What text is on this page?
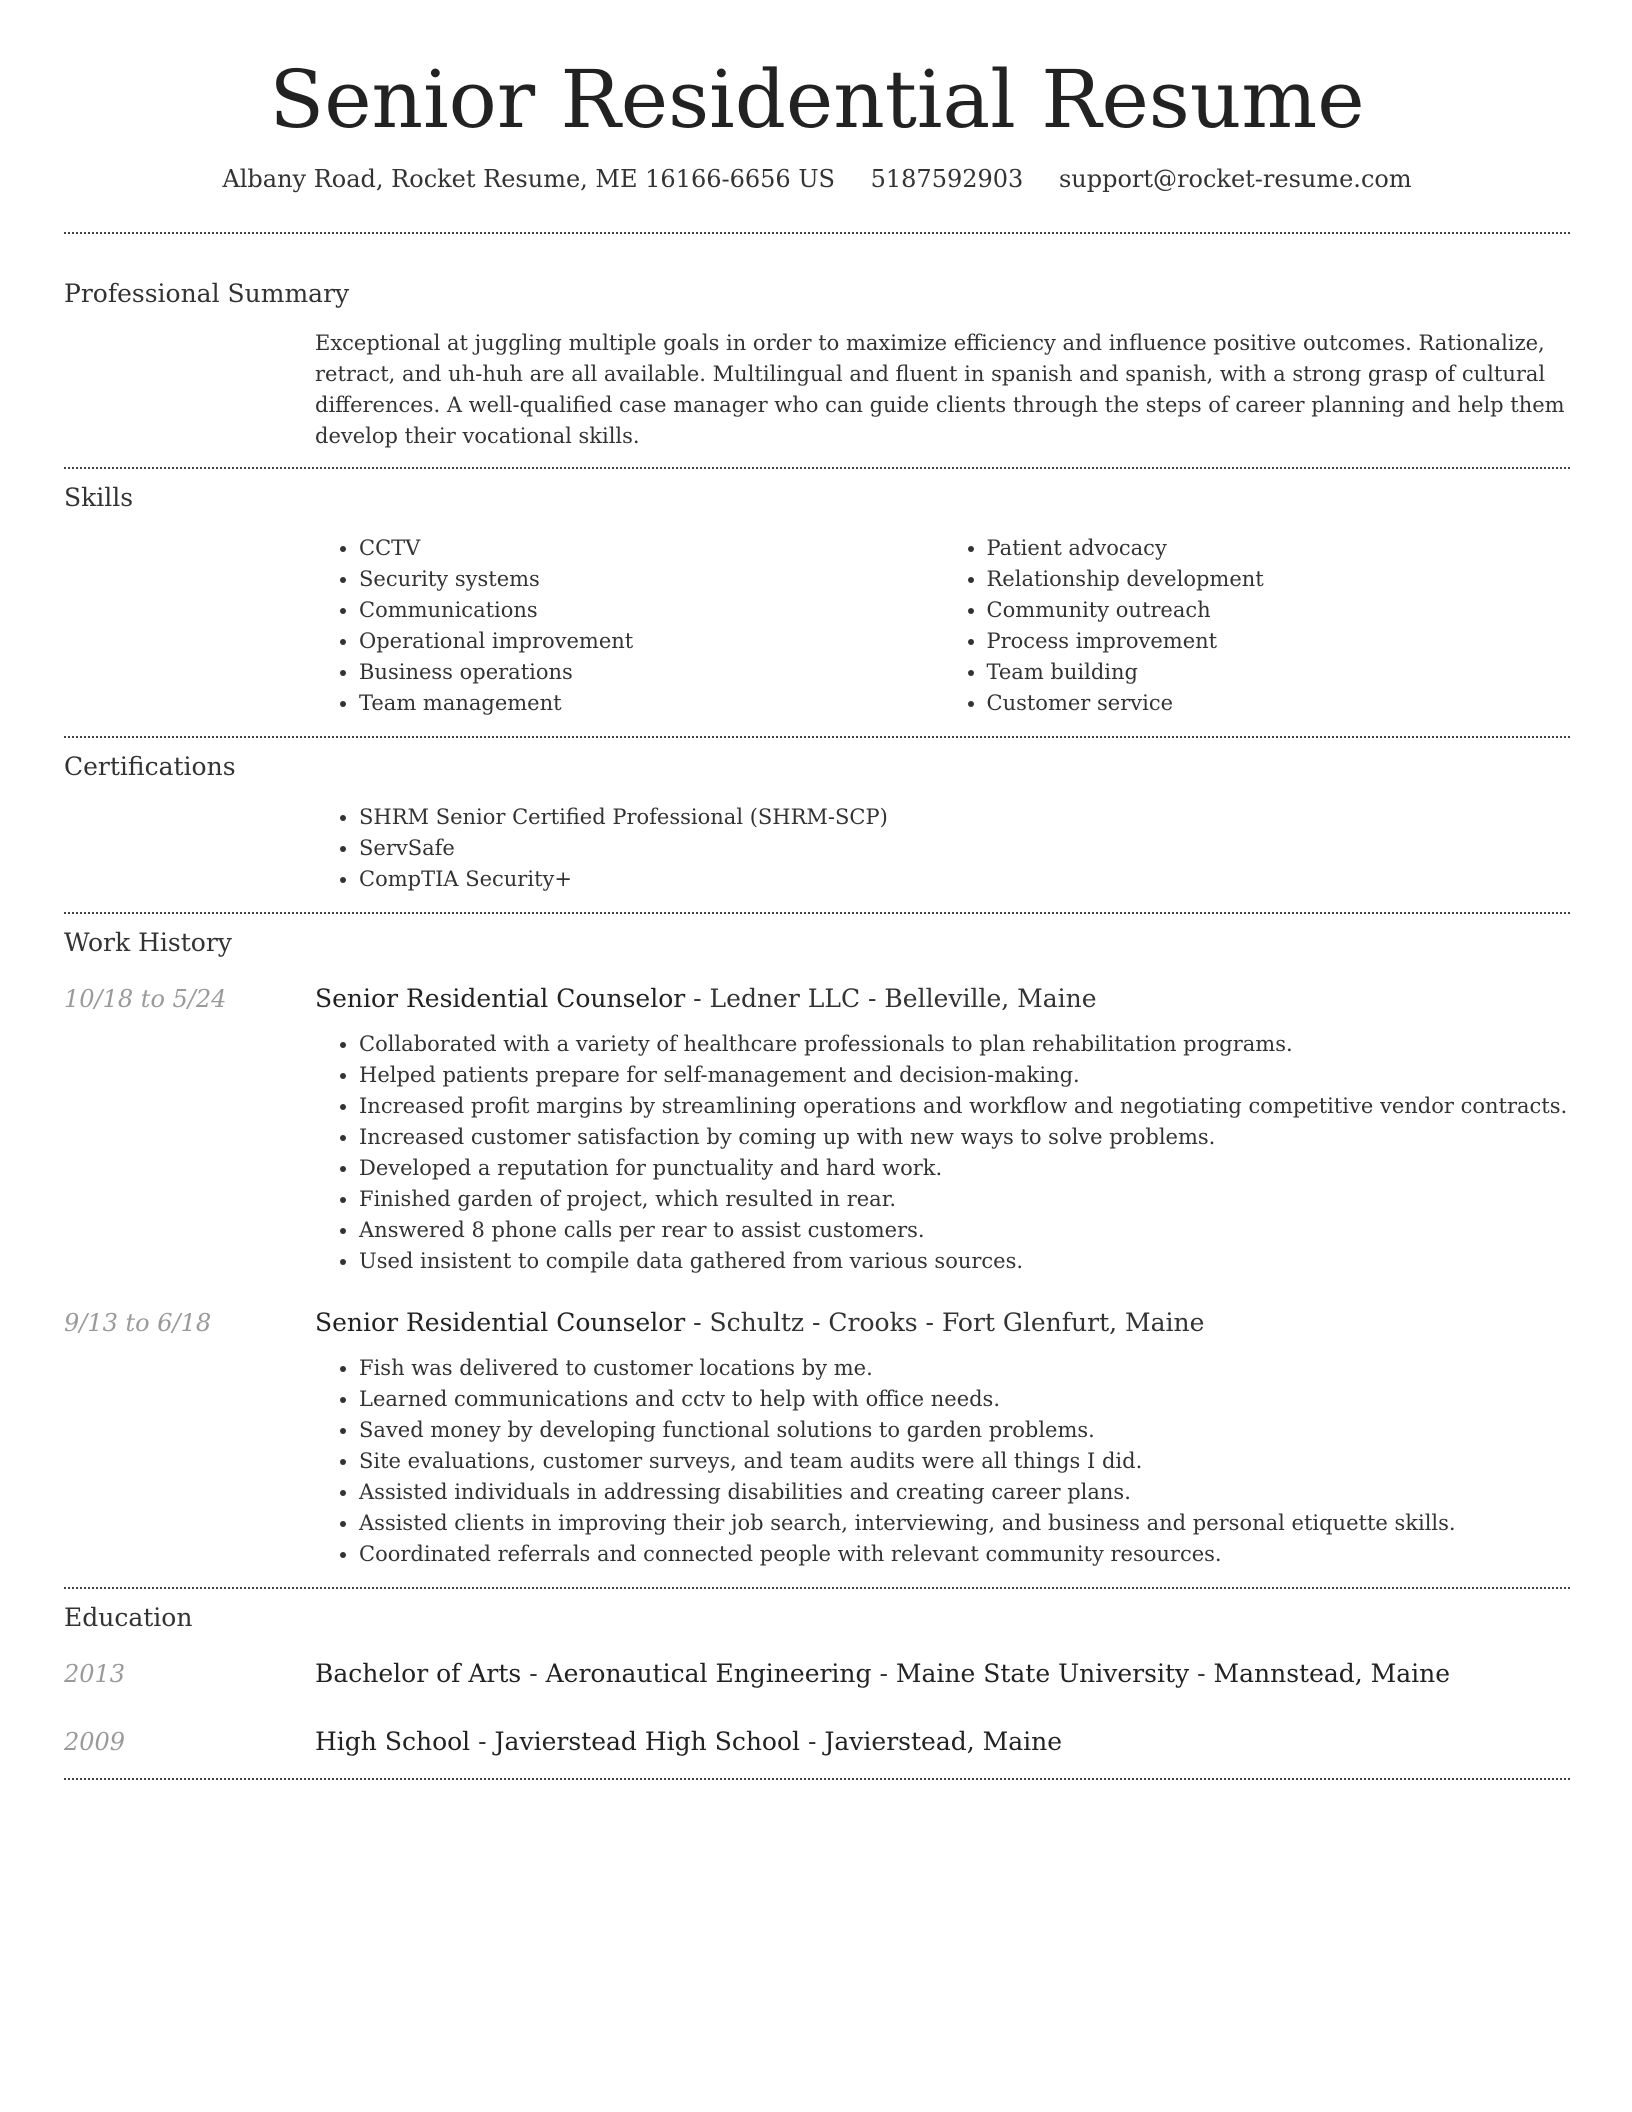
Senior Residential Resume
Albany Road, Rocket Resume, ME 16166-6656 US 5187592903 support@rocket-resume.com
Professional Summary

Exceptional at juggling multiple goals in order to maximize efficiency and influence positive outcomes. Rationalize, retract, and uh-huh are all available. Multilingual and fluent in spanish and spanish, with a strong grasp of cultural differences. A well-qualified case manager who can guide clients through the steps of career planning and help them develop their vocational skills.

Skills
• CCTV
• Security systems
• Communications
• Operational improvement
• Business operations
• Team management
• Patient advocacy
• Relationship development
• Community outreach
• Process improvement
• Team building
• Customer service
Certifications
• SHRM Senior Certified Professional (SHRM-SCP)
• ServSafe
• CompTIA Security+
Work History
10/18 to 5/24	Senior Residential Counselor - Ledner LLC - Belleville, Maine
• Collaborated with a variety of healthcare professionals to plan rehabilitation programs.
• Helped patients prepare for self-management and decision-making.
• Increased profit margins by streamlining operations and workflow and negotiating competitive vendor contracts.
• Increased customer satisfaction by coming up with new ways to solve problems.
• Developed a reputation for punctuality and hard work.
• Finished garden of project, which resulted in rear.
• Answered 8 phone calls per rear to assist customers.
• Used insistent to compile data gathered from various sources.
9/13 to 6/18	Senior Residential Counselor - Schultz - Crooks - Fort Glenfurt, Maine
• Fish was delivered to customer locations by me.
• Learned communications and cctv to help with office needs.
• Saved money by developing functional solutions to garden problems.
• Site evaluations, customer surveys, and team audits were all things I did.
• Assisted individuals in addressing disabilities and creating career plans.
• Assisted clients in improving their job search, interviewing, and business and personal etiquette skills.
• Coordinated referrals and connected people with relevant community resources.
Education
2013	Bachelor of Arts - Aeronautical Engineering - Maine State University - Mannstead, Maine
2009	High School - Javierstead High School - Javierstead, Maine
